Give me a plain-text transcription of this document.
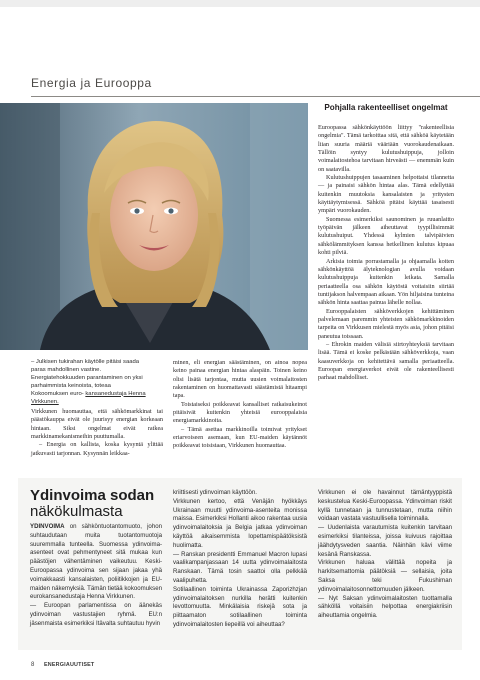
Energia ja Eurooppa
– Julkisen tukirahan käytölle pitäisi saada paras mahdollinen vastine. Energiatehokkuuden parantaminen on yksi parhaimmista keinoista, toteaa Kokoomuksen euro- kansanedustaja Henna Virkkunen.

Virkkunen huomauttaa, että sähkömarkkinat tai päästökauppa eivät ole juurisyy energian korkeaan hintaan. Siksi ongelmat eivät ratkea markkinamekanismeihin puuttumalla.

– Energia on kallista, koska kysyntä ylittää jatkuvasti tarjonnan. Kysynnän leikkaa-

minen, eli energian säästäminen, on ainoa nopea keino painaa energian hintaa alaspäin. Toinen keino olisi lisätä tarjontaa, mutta uusien voimalaitosten rakentaminen on huomattavasti säästämistä hitaampi tapa.

Toistaiseksi poikkeavat kansalliset ratkaisukeinot pitäisivät kuitenkin yhteisiä eurooppalaisia energiamarkkinoita.

– Tämä asettaa markkinoilla toimivat yritykset eriarvoiseen asemaan, kun EU-maiden käytännöt poikkeavat toisistaan, Virkkunen huomauttaa.

Pohjalla rakenteelliset ongelmat

Euroopassa sähkönkäyttöön liittyy "rakenteellisia ongelmia". Tämä tarkoittaa sitä, että sähköä käytetään liian suuria määriä vääriään vuorokaudenaikaan. Tällöin syntyy kulutushuippuja, jolloin voimalaitostehoa tarvitaan hirveästi — enemmän kuin on saatavilla.

Kulutushuippujen tasaaminen helpottaisi tilannetta — ja painaisi sähkön hintaa alas. Tämä edellyttää kuitenkin muutoksia kansalaisten ja yritysten käyttäytymisessä. Sähköä pitäisi käyttää tasaisesti ympäri vuorokauden.

Suomessa esimerkiksi saunominen ja ruuanlaitto työpäivän jälkeen aiheuttavat tyypillisimmät kulutushuiput. Yhdessä kylmien talvipäivien sähkölämmityksen kanssa hetkellinen kulutus kipuaa kohti pilviä.

Arkisia toimia porrastamalla ja ohjaamalla koiten sähkönkäyttöä älyteknologian avulla voidaan kulutushuippuja kuitenkin leikata. Samalla periaatteella osa sähkön käytöstä voitaisiin siirtää tuntijakson halvempaan aikaan. Yön hiljaisina tunteina sähkön hinta saattaa painua lähelle nollaa.

Eurooppalaisten sähköverkkojen kehittäminen palvelemaan paremmin yhteisten sähkömarkkinoiden tarpeita on Virkkusen mielestä myös asia, johon pitäisi paneutua toissaan.

– Ehrokin maiden välisiä siirtoyhteyksiä tarvitaan lisää. Tämä ei koske pelkästään sähköverkkoja, vaan kaasuverkkoja on kehitettävä samalla periaatteella. Euroopan energiaverkot eivät ole rakenteellisesti parhaat mahdolliset.

Ydinvoima sodan
näkökulmasta

YDINVOIMA on sähköntuotantomuoto, johon suhtaudutaan muita tuotantomuotoja suuremmalla tunteella. Suomessa ydinvoima-asenteet ovat pehmentyneet sitä mukaa kun päästöjen vähentäminen vaikeutuu. Keski-Euroopassa ydinvoima sen sijaan jakaa yhä voimakkaasti kansalaisten, poliitikkojen ja EU-maiden näkemyksiä. Tämän tietää kokoomuksen eurokansanedustaja Henna Virkkunen.

— Euroopan parlamentissa on äänekäs ydinvoiman vastustajien ryhmä. EU:n jäsenmaista esimerkiksi Itävalta suhtautuu hyvin

kriittisesti ydinvoiman käyttöön.

Virkkunen kertoo, että Venäjän hyökkäys Ukrainaan muutti ydinvoima-asenteita monissa maissa. Esimerkiksi Hollanti aikoo rakentaa uusia ydinvoimalaitoksia ja Belgia jatkaa ydinvoiman käyttöä aikaisemmista lopettamispäätöksistä huolimatta.

— Ranskan presidentti Emmanuel Macron lupasi vaalikampanjassaan 14 uutta ydinvoimalaitosta Ranskaan. Tämä tosin saattoi olla pelkkää vaalipuhetta.

Sotilaallinen toiminta Ukrainassa Zaporizhzjan ydinvoimalaitoksen nurkilla herätti kuitenkin levottomuutta. Minkälaisia riskejä sota ja piittaamaton sotilaallinen toiminta ydinvoimalaitosten liepeillä voi aiheuttaa?

Virkkunen ei ole havainnut tämäntyyppistä keskustelua Keski-Euroopassa. Ydinvoiman riskit kyllä tunnetaan ja tunnustetaan, mutta niihin voidaan vastata vastuullisella toiminnalla.

— Uudenlaista varautumista kuitenkin tarvitaan esimerkiksi tilanteissa, joissa kuivuus rajoittaa jäähdytysveden saantia. Näinhän kävi viime kesänä Ranskassa.

Virkkunen haluaa välittää nopeita ja harkitsemattomia päätöksiä — sellaisia, joita Saksa teki Fukushiman ydinvoimalaitosonnettomuuden jälkeen.

— Nyt Saksan ydinvoimalaitosten tuottamalla sähköllä voitaisiin helpottaa energiakriisin aiheuttamia ongelmia.

8 ENERGIAUUTISET
